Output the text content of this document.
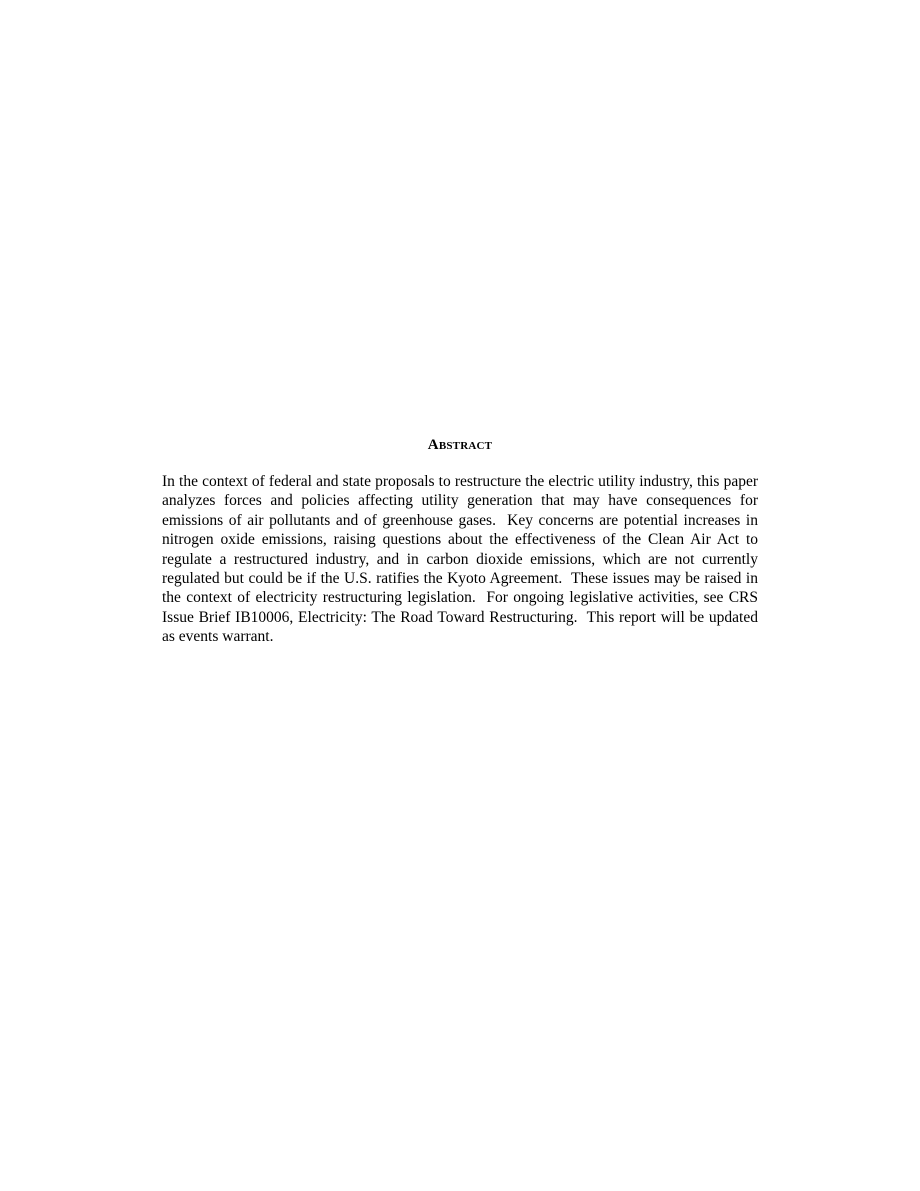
Abstract

In the context of federal and state proposals to restructure the electric utility industry, this paper analyzes forces and policies affecting utility generation that may have consequences for emissions of air pollutants and of greenhouse gases.  Key concerns are potential increases in nitrogen oxide emissions, raising questions about the effectiveness of the Clean Air Act to regulate a restructured industry, and in carbon dioxide emissions, which are not currently regulated but could be if the U.S. ratifies the Kyoto Agreement.  These issues may be raised in the context of electricity restructuring legislation.  For ongoing legislative activities, see CRS Issue Brief IB10006, Electricity: The Road Toward Restructuring.  This report will be updated as events warrant.
